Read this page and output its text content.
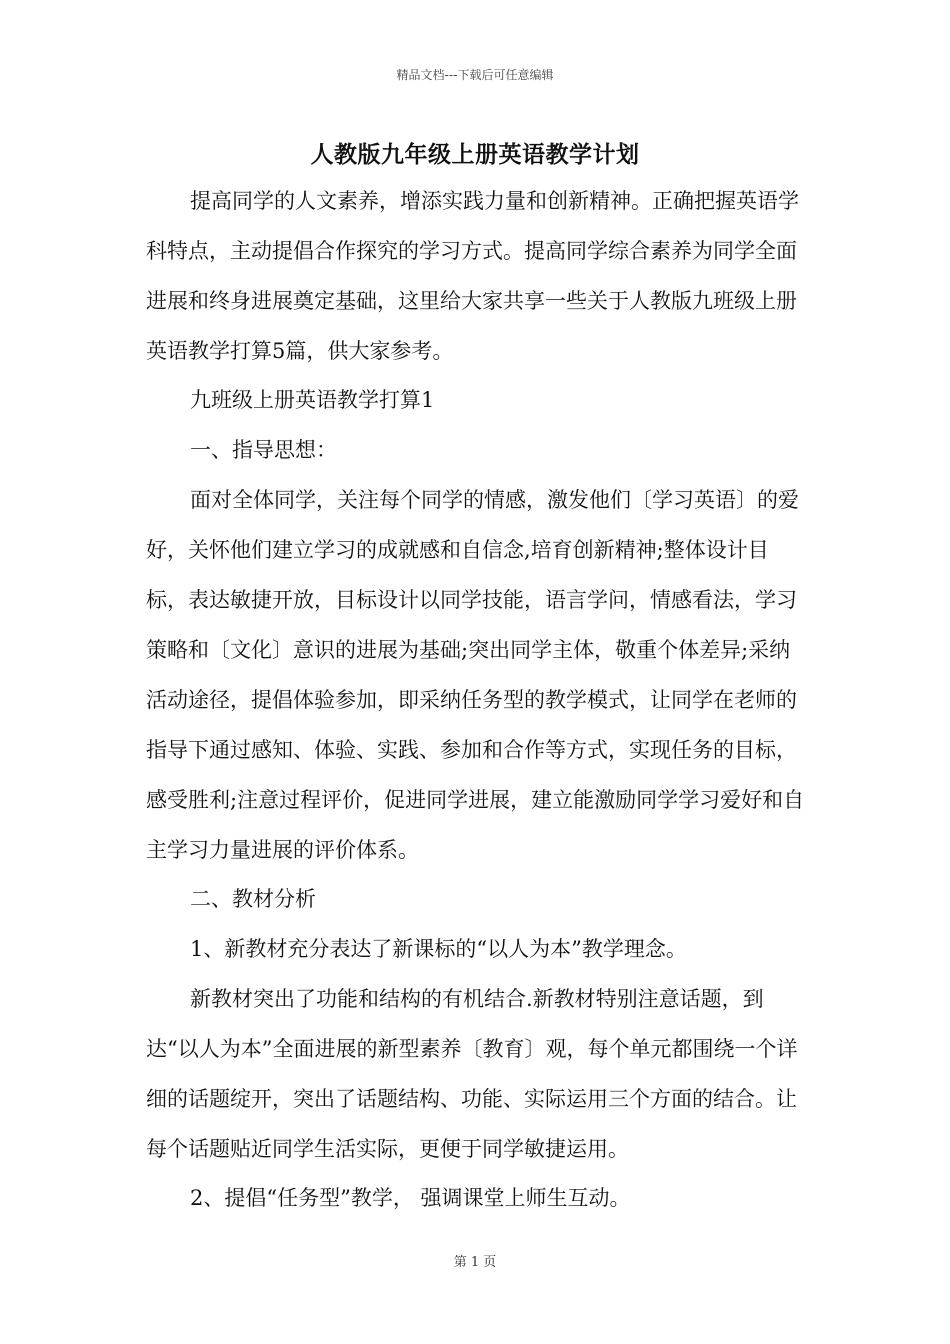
精品文档---下载后可任意编辑
人教版九年级上册英语教学计划

提高同学的人文素养，增添实践力量和创新精神。正确把握英语学科特点，主动提倡合作探究的学习方式。提高同学综合素养为同学全面进展和终身进展奠定基础，这里给大家共享一些关于人教版九班级上册英语教学打算5篇，供大家参考。

九班级上册英语教学打算1

一、指导思想：

面对全体同学，关注每个同学的情感，激发他们〔学习英语〕的爱好，关怀他们建立学习的成就感和自信念,培育创新精神;整体设计目标，表达敏捷开放，目标设计以同学技能，语言学问，情感看法，学习策略和〔文化〕意识的进展为基础;突出同学主体，敬重个体差异;采纳活动途径，提倡体验参加，即采纳任务型的教学模式，让同学在老师的指导下通过感知、体验、实践、参加和合作等方式，实现任务的目标，感受胜利;注意过程评价，促进同学进展，建立能激励同学学习爱好和自主学习力量进展的评价体系。

二、教材分析

1、新教材充分表达了新课标的“以人为本”教学理念。

新教材突出了功能和结构的有机结合.新教材特别注意话题，到达“以人为本”全面进展的新型素养〔教育〕观，每个单元都围绕一个详细的话题绽开，突出了话题结构、功能、实际运用三个方面的结合。让每个话题贴近同学生活实际，更便于同学敏捷运用。

2、提倡“任务型”教学， 强调课堂上师生互动。

第 1 页
